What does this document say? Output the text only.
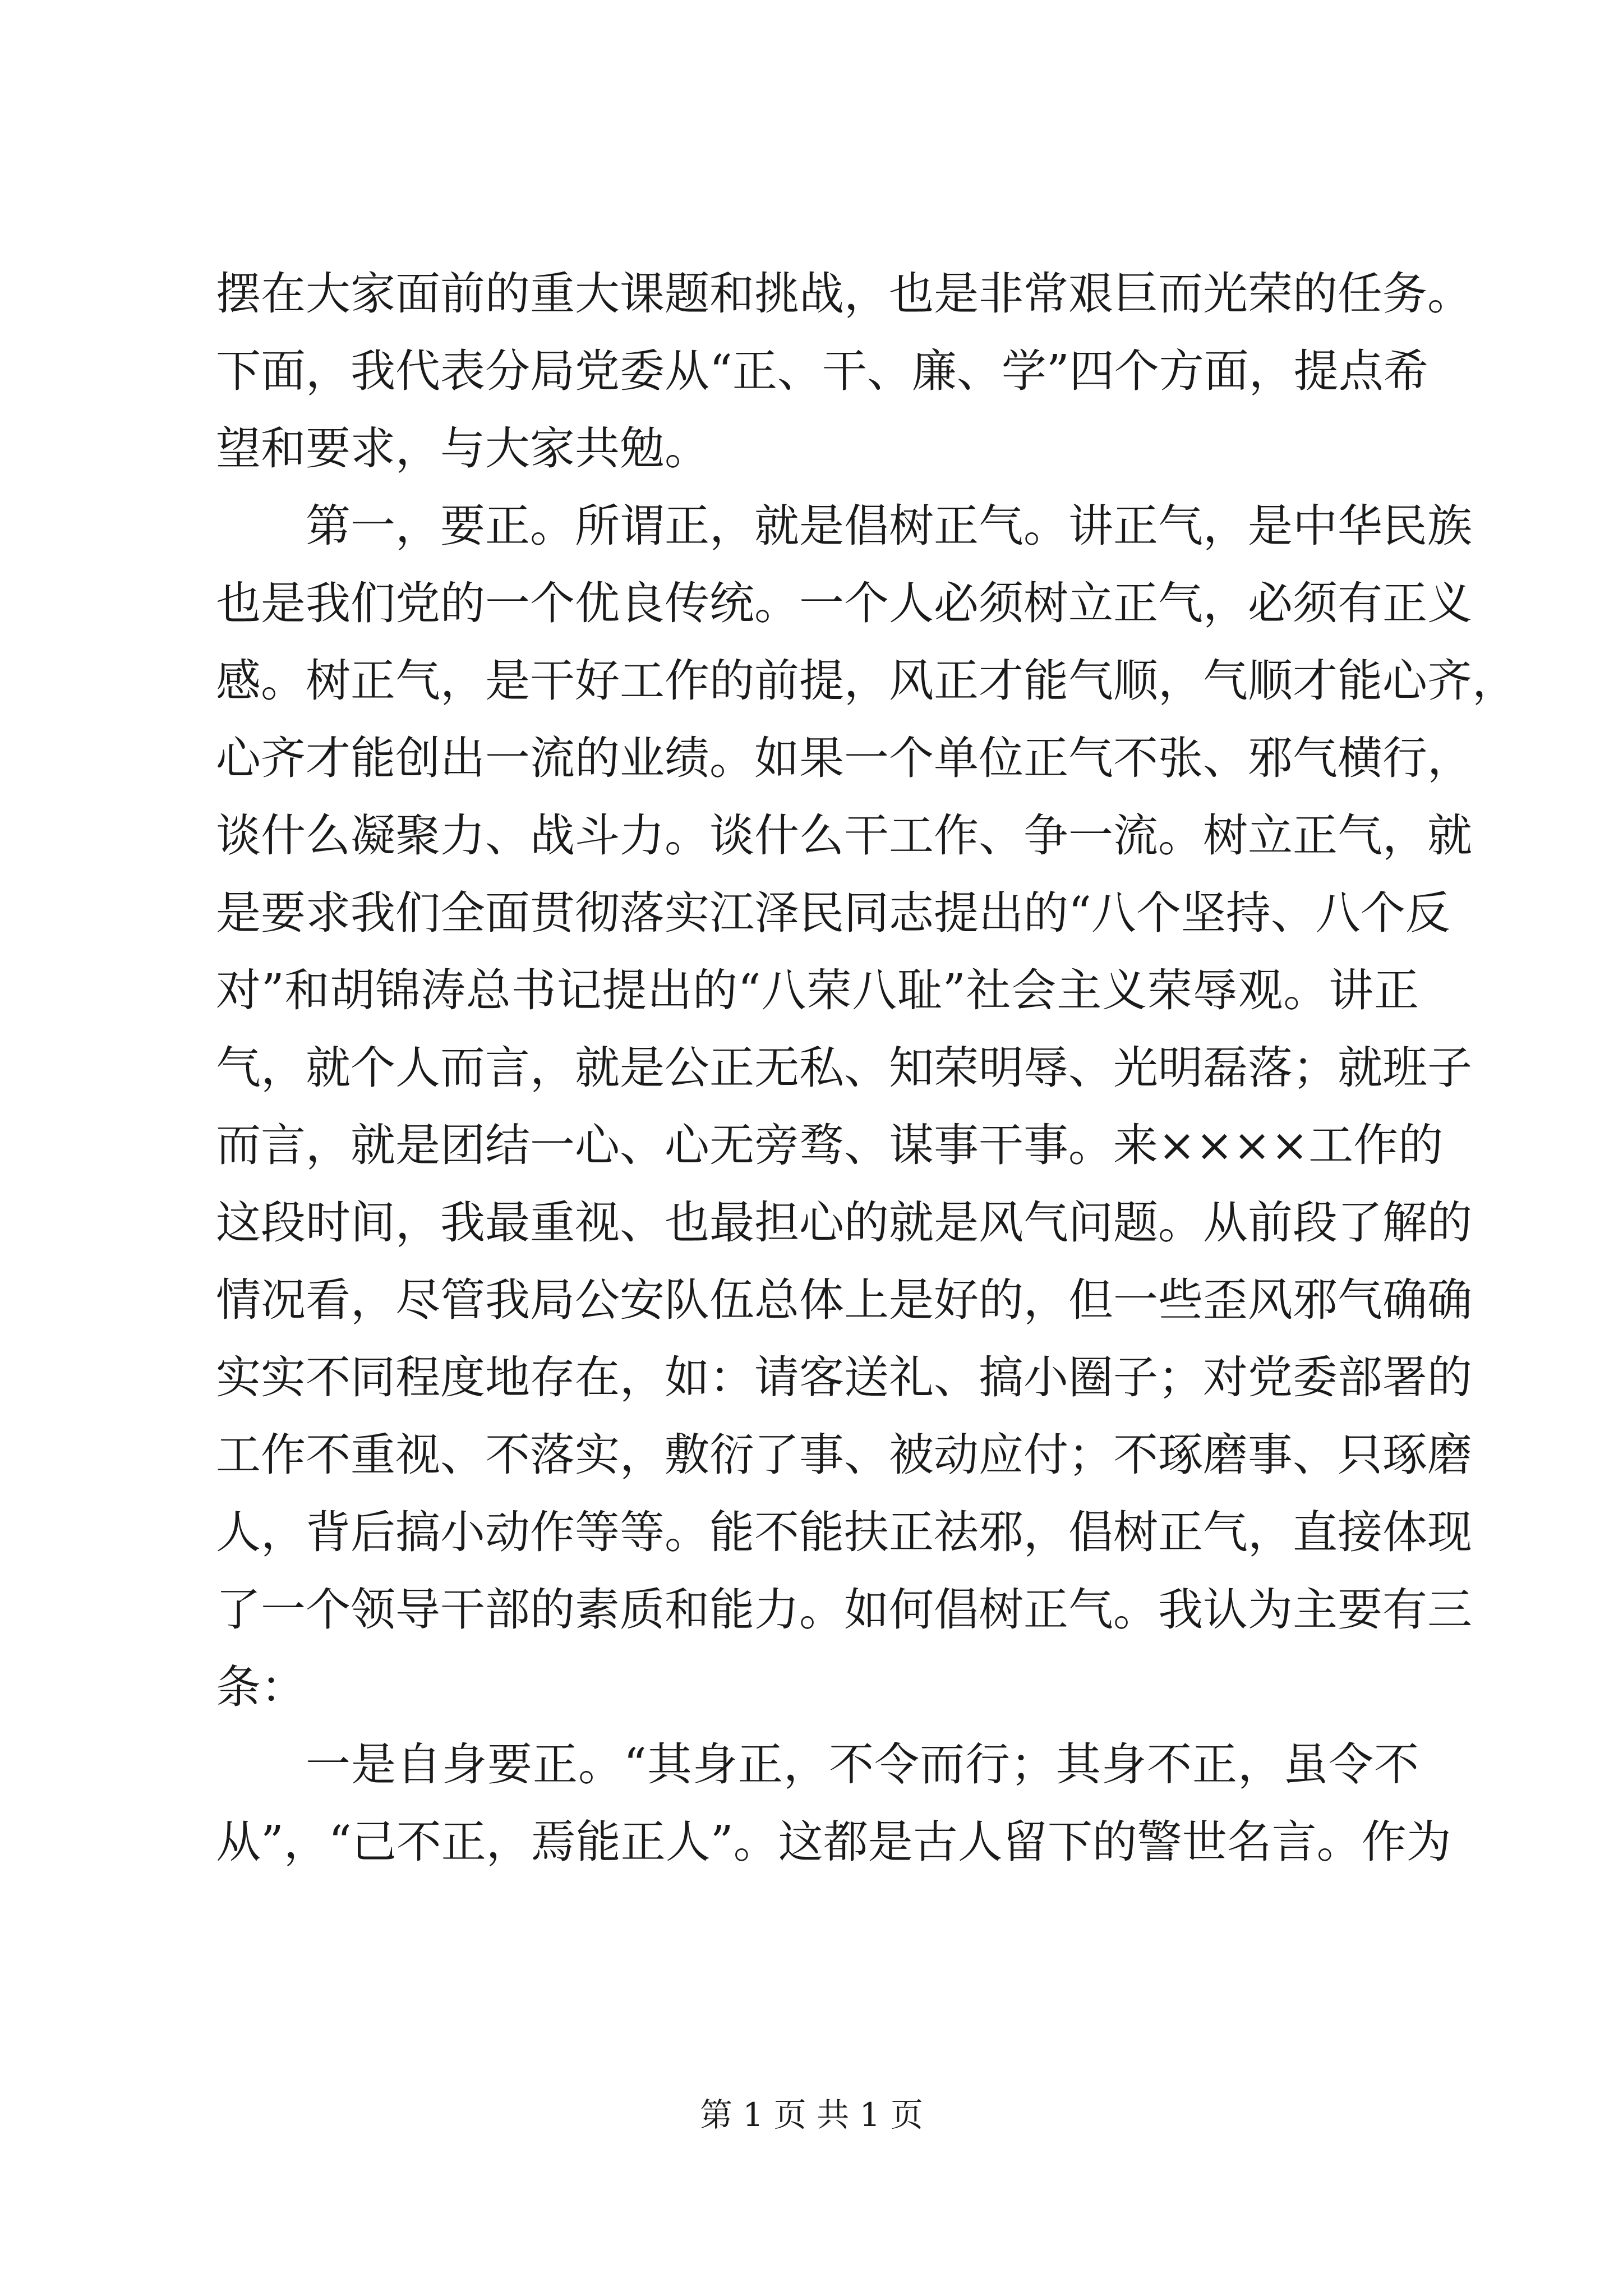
摆在大家面前的重大课题和挑战，也是非常艰巨而光荣的任务。
下面，我代表分局党委从“正、干、廉、学”四个方面，提点希
望和要求，与大家共勉。
第一，要正。所谓正，就是倡树正气。讲正气，是中华民族
也是我们党的一个优良传统。一个人必须树立正气，必须有正义
感。树正气，是干好工作的前提，风正才能气顺，气顺才能心齐，
心齐才能创出一流的业绩。如果一个单位正气不张、邪气横行，
谈什么凝聚力、战斗力。谈什么干工作、争一流。树立正气，就
是要求我们全面贯彻落实江泽民同志提出的“八个坚持、八个反
对”和胡锦涛总书记提出的“八荣八耻”社会主义荣辱观。讲正
气，就个人而言，就是公正无私、知荣明辱、光明磊落；就班子
而言，就是团结一心、心无旁骛、谋事干事。来××××工作的
这段时间，我最重视、也最担心的就是风气问题。从前段了解的
情况看，尽管我局公安队伍总体上是好的，但一些歪风邪气确确
实实不同程度地存在，如：请客送礼、搞小圈子；对党委部署的
工作不重视、不落实，敷衍了事、被动应付；不琢磨事、只琢磨
人，背后搞小动作等等。能不能扶正祛邪，倡树正气，直接体现
了一个领导干部的素质和能力。如何倡树正气。我认为主要有三
条：
一是自身要正。“其身正，不令而行；其身不正，虽令不
从”，“己不正，焉能正人”。这都是古人留下的警世名言。作为
第 1 页 共 1 页
